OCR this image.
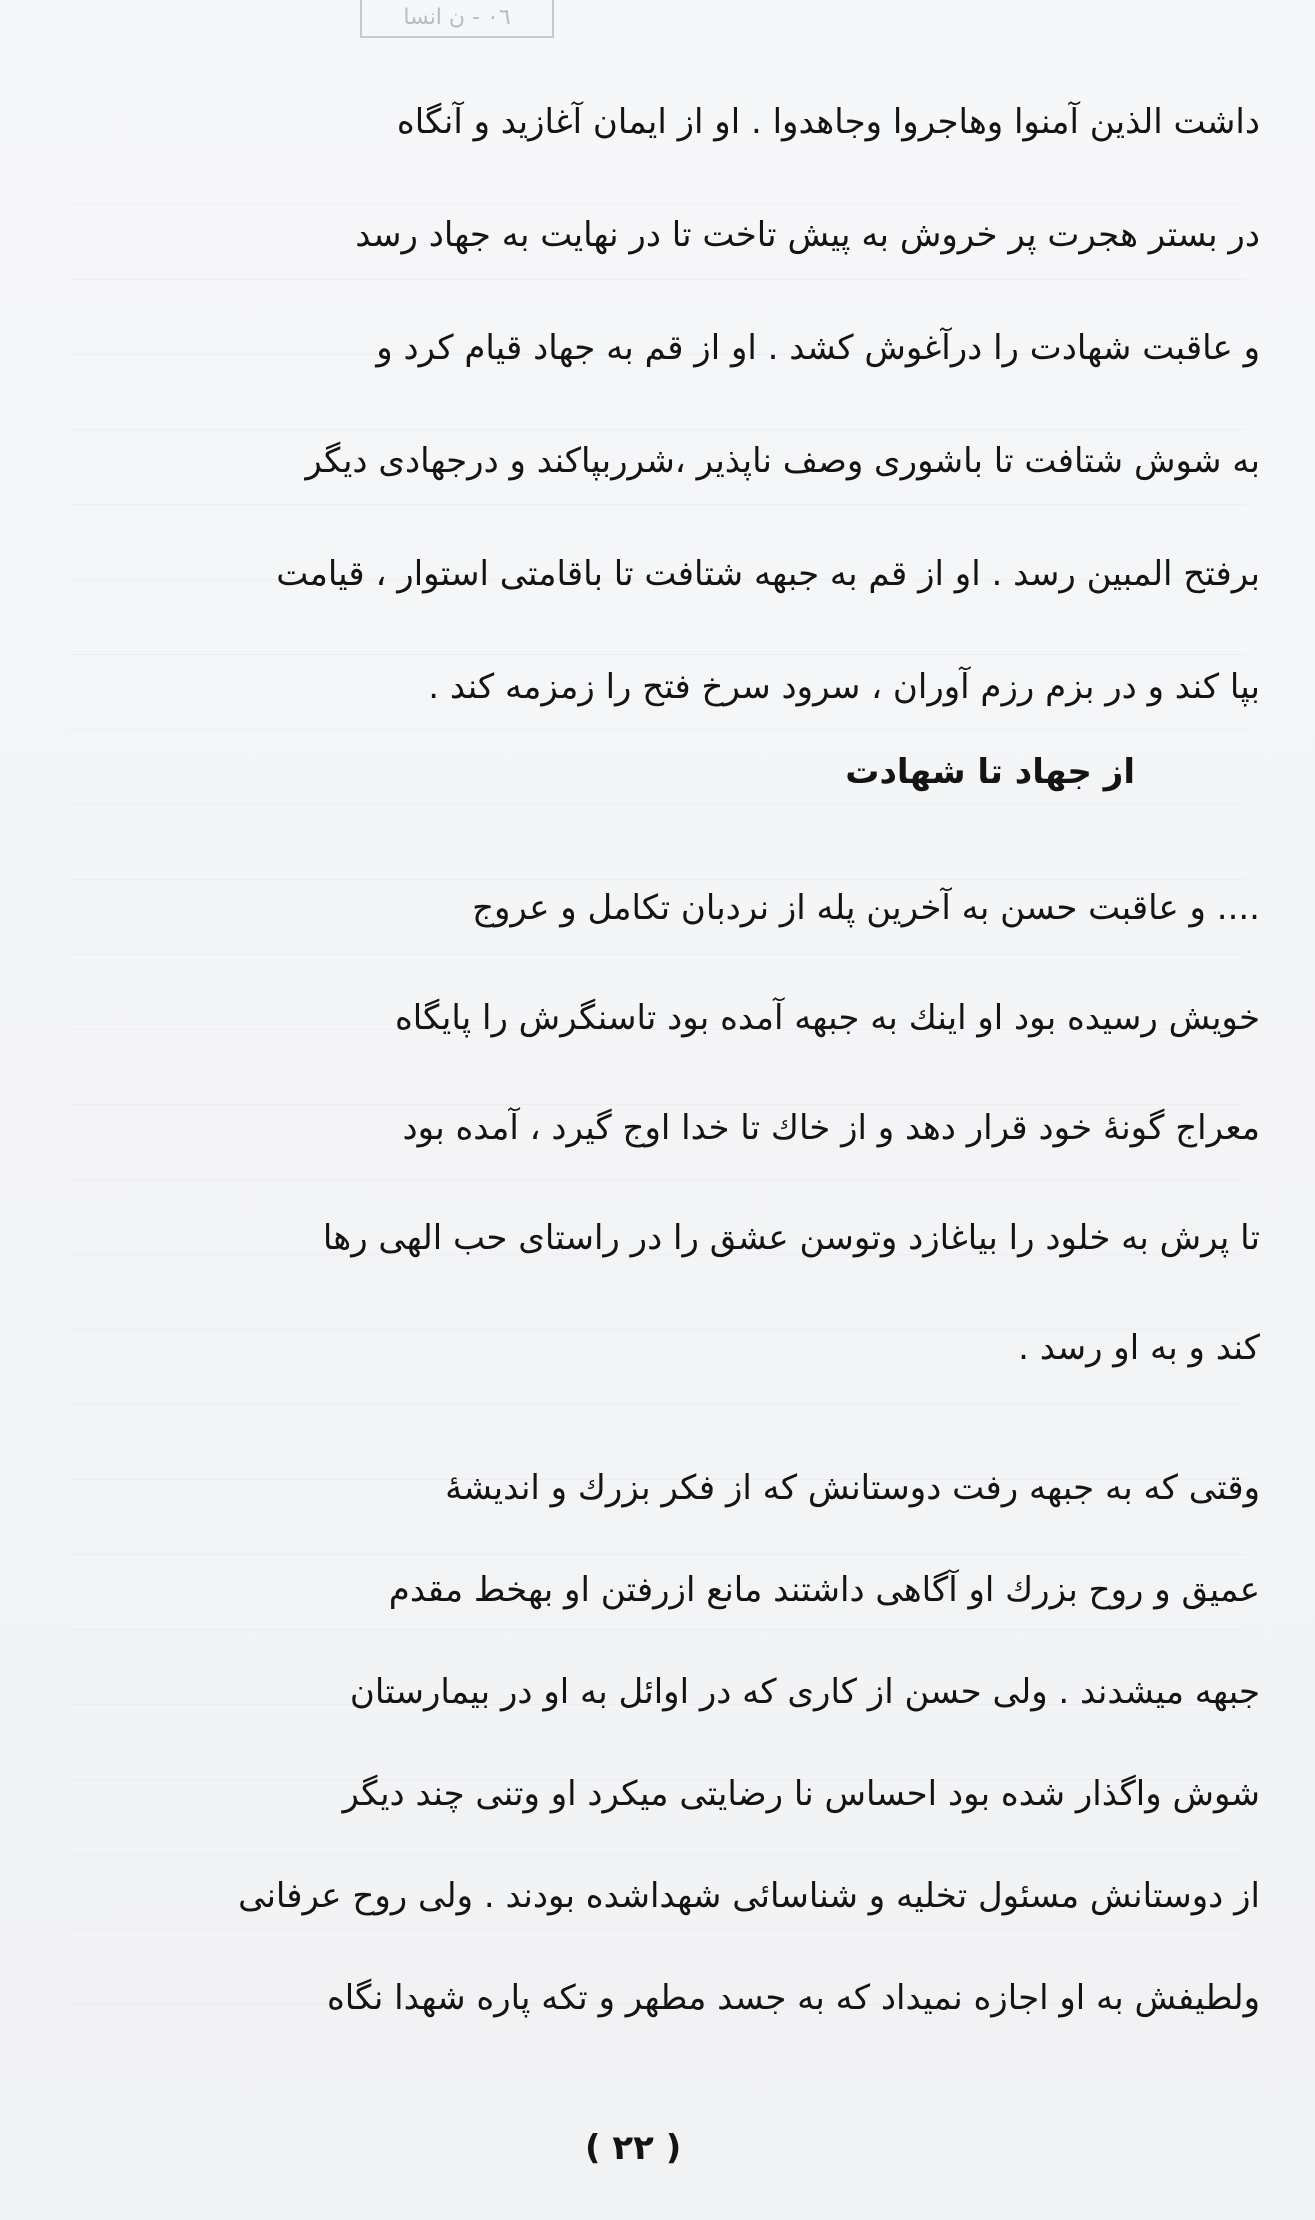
٠٦ - ن انسا
داشت الذین آمنوا وهاجروا وجاهدوا . او از ایمان آغازید و آنگاه
در بستر هجرت پر خروش به پیش تاخت تا در نهایت به جهاد رسد
و عاقبت شهادت را درآغوش کشد . او از قم به جهاد قیام کرد و
به شوش شتافت تا باشوری وصف ناپذیر ،شرربپاکند و درجهادی دیگر
برفتح المبین رسد . او از قم به جبهه شتافت تا باقامتی استوار ، قیامت
بپا کند و در بزم رزم آوران ، سرود سرخ فتح را زمزمه کند .
از جهاد تا شهادت
.... و عاقبت حسن به آخرین پله از نردبان تکامل و عروج
خویش رسیده بود او اینك به جبهه آمده بود تاسنگرش را پایگاه
معراج گونهٔ خود قرار دهد و از خاك تا خدا اوج گیرد ، آمده بود
تا پرش به خلود را بیاغازد وتوسن عشق را در راستای حب الهی رها
کند و به او رسد .
وقتی که به جبهه رفت دوستانش که از فکر بزرك و اندیشهٔ
عمیق و روح بزرك او آگاهی داشتند مانع ازرفتن او بهخط مقدم
جبهه میشدند . ولی حسن از کاری که در اوائل به او در بیمارستان
شوش واگذار شده بود احساس نا رضایتی میکرد او وتنی چند دیگر
از دوستانش مسئول تخلیه و شناسائی شهداشده بودند . ولی روح عرفانی
ولطیفش به او اجازه نمیداد که به جسد مطهر و تکه پاره شهدا نگاه
( ۲۲ )
